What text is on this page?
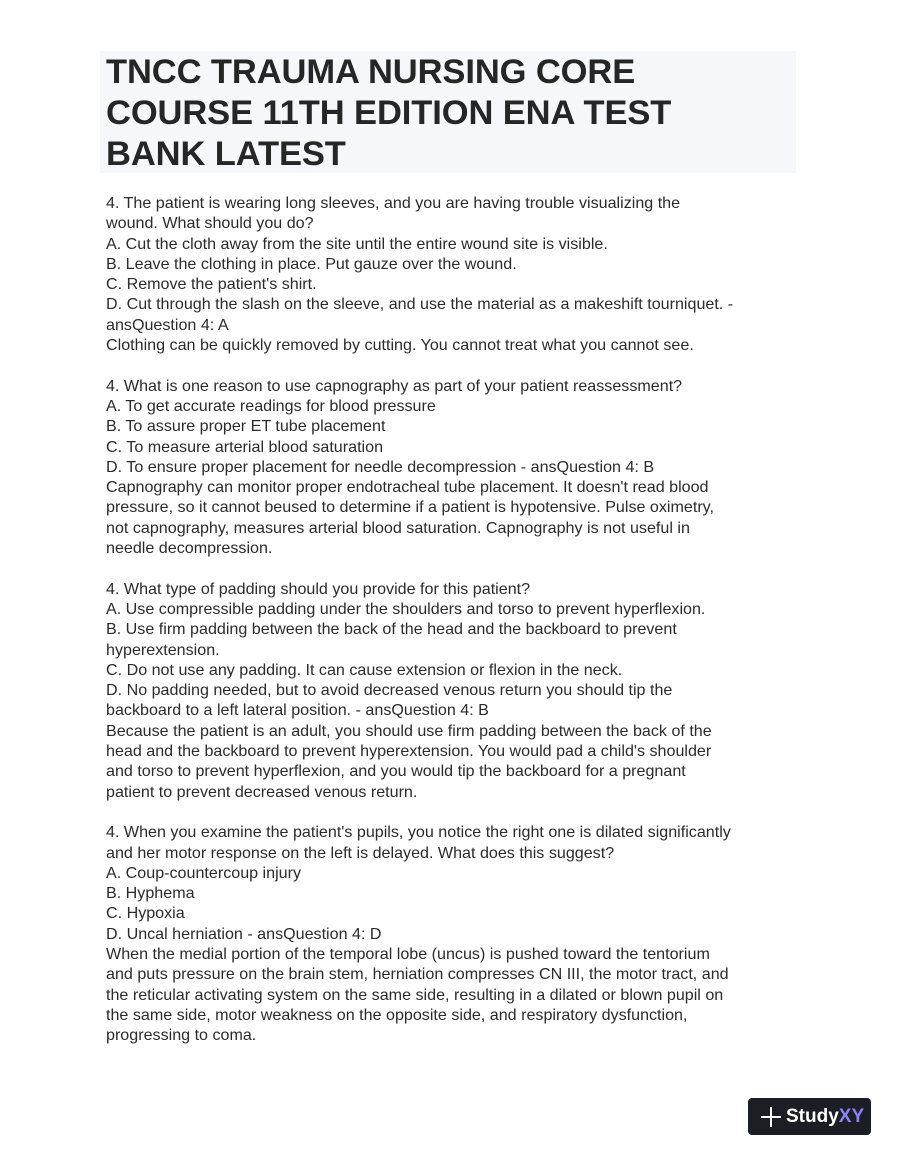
TNCC TRAUMA NURSING CORE
COURSE 11TH EDITION ENA TEST
BANK LATEST
4. The patient is wearing long sleeves, and you are having trouble visualizing the
wound. What should you do?
A. Cut the cloth away from the site until the entire wound site is visible.
B. Leave the clothing in place. Put gauze over the wound.
C. Remove the patient's shirt.
D. Cut through the slash on the sleeve, and use the material as a makeshift tourniquet. -
ansQuestion 4: A
Clothing can be quickly removed by cutting. You cannot treat what you cannot see.
4. What is one reason to use capnography as part of your patient reassessment?
A. To get accurate readings for blood pressure
B. To assure proper ET tube placement
C. To measure arterial blood saturation
D. To ensure proper placement for needle decompression - ansQuestion 4: B
Capnography can monitor proper endotracheal tube placement. It doesn't read blood
pressure, so it cannot beused to determine if a patient is hypotensive. Pulse oximetry,
not capnography, measures arterial blood saturation. Capnography is not useful in
needle decompression.
4. What type of padding should you provide for this patient?
A. Use compressible padding under the shoulders and torso to prevent hyperflexion.
B. Use firm padding between the back of the head and the backboard to prevent
hyperextension.
C. Do not use any padding. It can cause extension or flexion in the neck.
D. No padding needed, but to avoid decreased venous return you should tip the
backboard to a left lateral position. - ansQuestion 4: B
Because the patient is an adult, you should use firm padding between the back of the
head and the backboard to prevent hyperextension. You would pad a child's shoulder
and torso to prevent hyperflexion, and you would tip the backboard for a pregnant
patient to prevent decreased venous return.
4. When you examine the patient's pupils, you notice the right one is dilated significantly
and her motor response on the left is delayed. What does this suggest?
A. Coup-countercoup injury
B. Hyphema
C. Hypoxia
D. Uncal herniation - ansQuestion 4: D
When the medial portion of the temporal lobe (uncus) is pushed toward the tentorium
and puts pressure on the brain stem, herniation compresses CN III, the motor tract, and
the reticular activating system on the same side, resulting in a dilated or blown pupil on
the same side, motor weakness on the opposite side, and respiratory dysfunction,
progressing to coma.
StudyXY
